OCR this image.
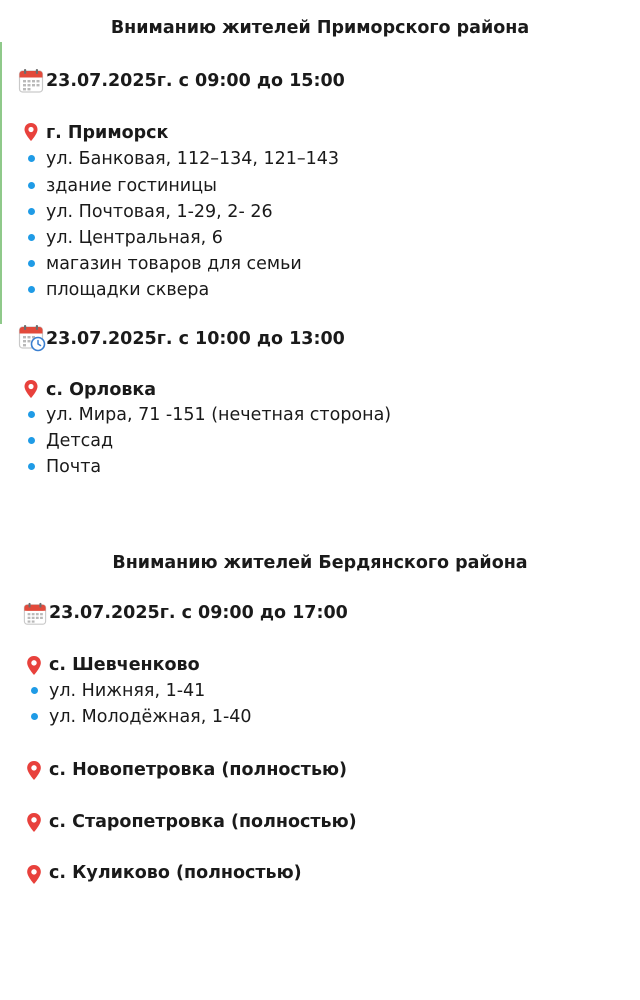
Вниманию жителей Приморского района
23.07.2025г. с 09:00 до 15:00
г. Приморск
ул. Банковая, 112–134, 121–143
здание гостиницы
ул. Почтовая, 1-29, 2- 26
ул. Центральная, 6
магазин товаров для семьи
площадки сквера
23.07.2025г. с 10:00 до 13:00
с. Орловка
ул. Мира, 71 -151 (нечетная сторона)
Детсад
Почта
Вниманию жителей Бердянского района
23.07.2025г. с 09:00 до 17:00
с. Шевченково
ул. Нижняя, 1-41
ул. Молодёжная, 1-40
с. Новопетровка (полностью)
с. Старопетровка (полностью)
с. Куликово (полностью)
